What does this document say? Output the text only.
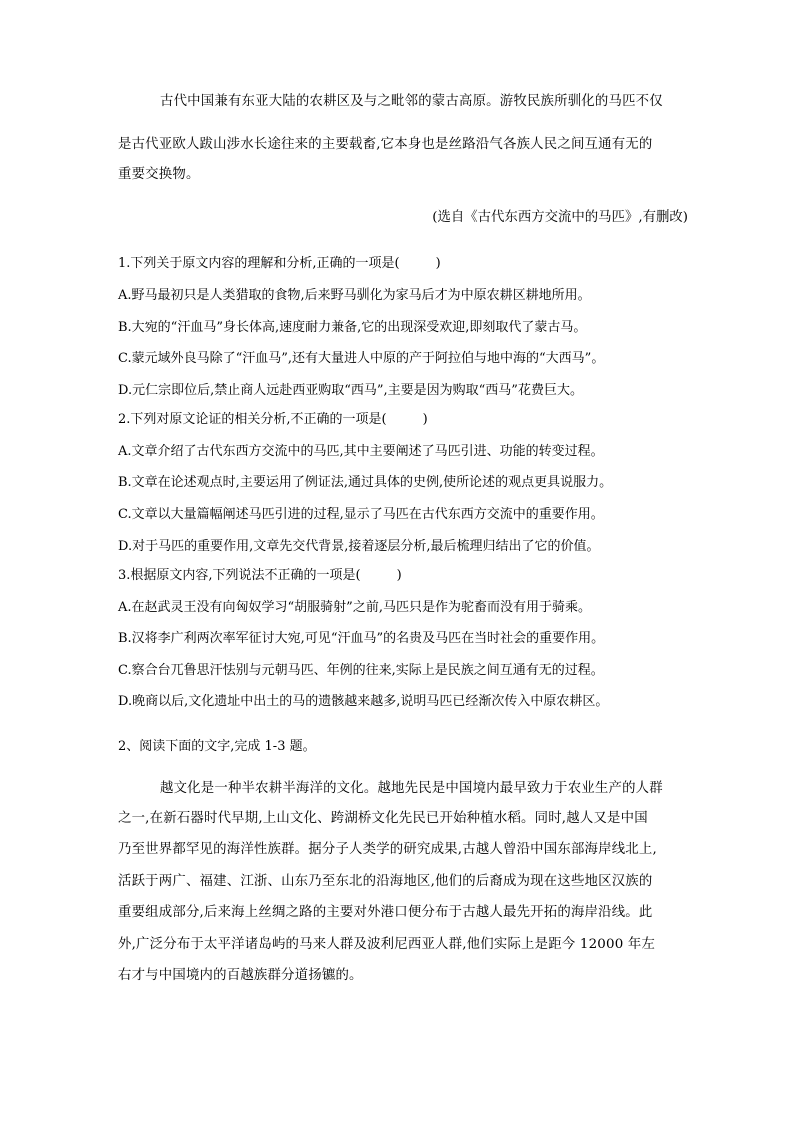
古代中国兼有东亚大陆的农耕区及与之毗邻的蒙古高原。游牧民族所驯化的马匹不仅

是古代亚欧人跋山涉水长途往来的主要载畜,它本身也是丝路沿气各族人民之间互通有无的

重要交换物。

(选自《古代东西方交流中的马匹》,有删改)

1.下列关于原文内容的理解和分析,正确的一项是(	)

A.野马最初只是人类猎取的食物,后来野马驯化为家马后才为中原农耕区耕地所用。

B.大宛的“汗血马”身长体高,速度耐力兼备,它的出现深受欢迎,即刻取代了蒙古马。

C.蒙元域外良马除了“汗血马”,还有大量进人中原的产于阿拉伯与地中海的“大西马”。

D.元仁宗即位后,禁止商人远赴西亚购取“西马”,主要是因为购取“西马”花费巨大。

2.下列对原文论证的相关分析,不正确的一项是(	)

A.文章介绍了古代东西方交流中的马匹,其中主要阐述了马匹引进、功能的转变过程。

B.文章在论述观点时,主要运用了例证法,通过具体的史例,使所论述的观点更具说服力。

C.文章以大量篇幅阐述马匹引进的过程,显示了马匹在古代东西方交流中的重要作用。

D.对于马匹的重要作用,文章先交代背景,接着逐层分析,最后梳理归结出了它的价值。

3.根据原文内容,下列说法不正确的一项是(	)

A.在赵武灵王没有向匈奴学习“胡服骑射”之前,马匹只是作为驼畜而没有用于骑乘。

B.汉将李广利两次率军征讨大宛,可见“汗血马”的名贵及马匹在当时社会的重要作用。

C.察合台兀鲁思汗怯别与元朝马匹、年例的往来,实际上是民族之间互通有无的过程。

D.晚商以后,文化遗址中出土的马的遗骸越来越多,说明马匹已经渐次传入中原农耕区。

2、阅读下面的文字,完成 1-3 题。

越文化是一种半农耕半海洋的文化。越地先民是中国境内最早致力于农业生产的人群

之一,在新石器时代早期,上山文化、跨湖桥文化先民已开始种植水稻。同时,越人又是中国

乃至世界都罕见的海洋性族群。据分子人类学的研究成果,古越人曾沿中国东部海岸线北上,

活跃于两广、福建、江浙、山东乃至东北的沿海地区,他们的后裔成为现在这些地区汉族的

重要组成部分,后来海上丝绸之路的主要对外港口便分布于古越人最先开拓的海岸沿线。此

外,广泛分布于太平洋诸岛屿的马来人群及波利尼西亚人群,他们实际上是距今 12000 年左

右才与中国境内的百越族群分道扬镳的。
